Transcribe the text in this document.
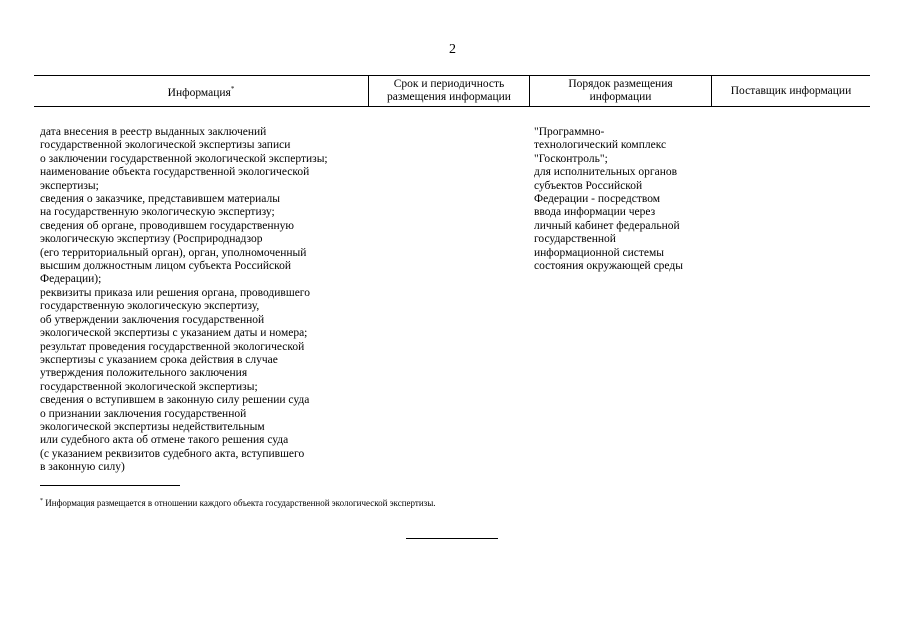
2
Информация*	Срок и периодичность
размещения информации
Порядок размещения
информации
Поставщик информации
дата внесения в реестр выданных заключений
государственной экологической экспертизы записи
о заключении государственной экологической экспертизы;
наименование объекта государственной экологической
экспертизы;
сведения о заказчике, представившем материалы
на государственную экологическую экспертизу;
сведения об органе, проводившем государственную
экологическую экспертизу (Росприроднадзор
(его территориальный орган), орган, уполномоченный
высшим должностным лицом субъекта Российской
Федерации);
реквизиты приказа или решения органа, проводившего
государственную экологическую экспертизу,
об утверждении заключения государственной
экологической экспертизы с указанием даты и номера;
результат проведения государственной экологической
экспертизы с указанием срока действия в случае
утверждения положительного заключения
государственной экологической экспертизы;
сведения о вступившем в законную силу решении суда
о признании заключения государственной
экологической экспертизы недействительным
или судебного акта об отмене такого решения суда
(с указанием реквизитов судебного акта, вступившего
в законную силу)
"Программно-
технологический комплекс
"Госконтроль";
для исполнительных органов
субъектов Российской
Федерации - посредством
ввода информации через
личный кабинет федеральной
государственной
информационной системы
состояния окружающей среды
* Информация размещается в отношении каждого объекта государственной экологической экспертизы.
